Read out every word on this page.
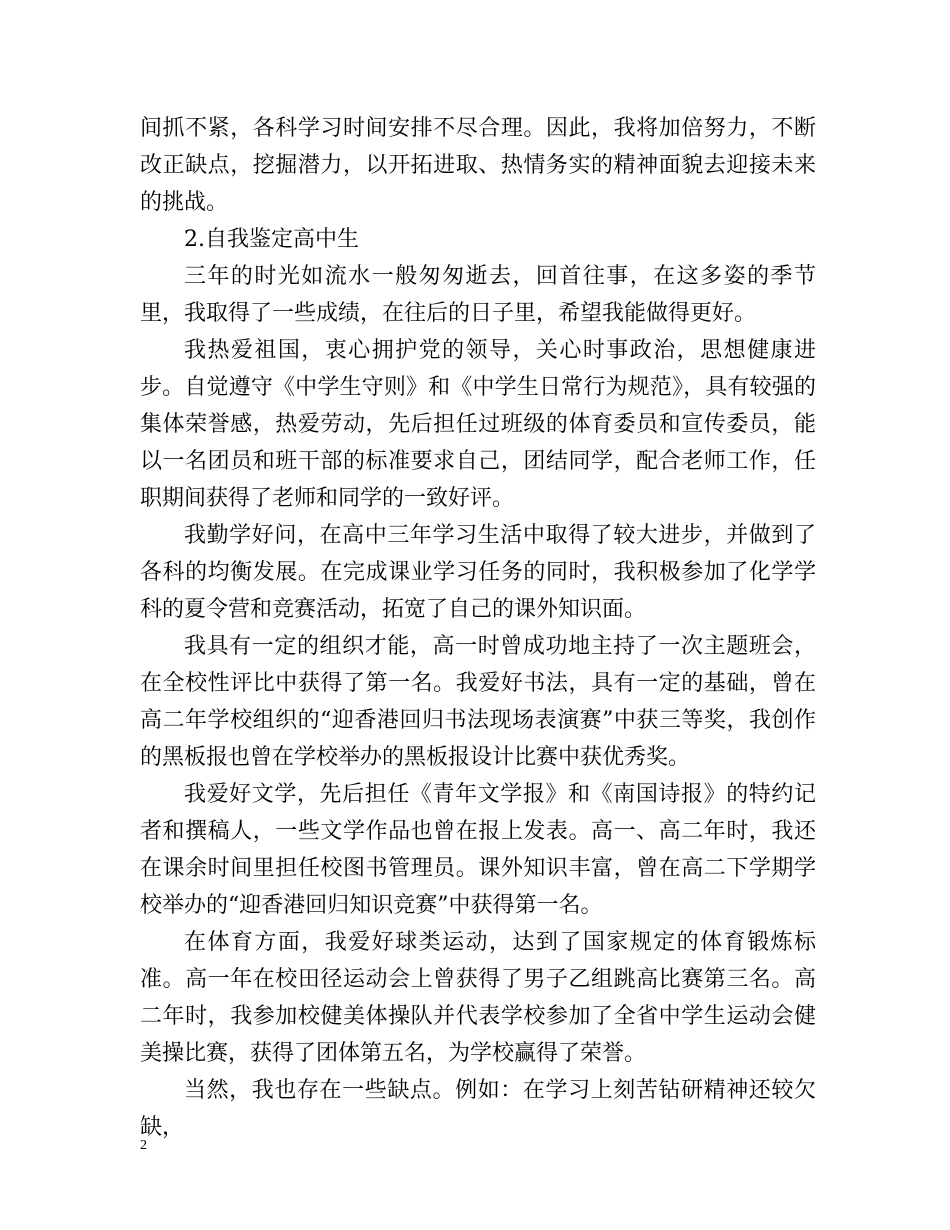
间抓不紧，各科学习时间安排不尽合理。因此，我将加倍努力，不断改正缺点，挖掘潜力，以开拓进取、热情务实的精神面貌去迎接未来的挑战。

2.自我鉴定高中生

三年的时光如流水一般匆匆逝去，回首往事，在这多姿的季节里，我取得了一些成绩，在往后的日子里，希望我能做得更好。

我热爱祖国，衷心拥护党的领导，关心时事政治，思想健康进步。自觉遵守《中学生守则》和《中学生日常行为规范》，具有较强的集体荣誉感，热爱劳动，先后担任过班级的体育委员和宣传委员，能以一名团员和班干部的标准要求自己，团结同学，配合老师工作，任职期间获得了老师和同学的一致好评。

我勤学好问，在高中三年学习生活中取得了较大进步，并做到了各科的均衡发展。在完成课业学习任务的同时，我积极参加了化学学科的夏令营和竞赛活动，拓宽了自己的课外知识面。

我具有一定的组织才能，高一时曾成功地主持了一次主题班会，在全校性评比中获得了第一名。我爱好书法，具有一定的基础，曾在高二年学校组织的“迎香港回归书法现场表演赛”中获三等奖，我创作的黑板报也曾在学校举办的黑板报设计比赛中获优秀奖。

我爱好文学，先后担任《青年文学报》和《南国诗报》的特约记者和撰稿人，一些文学作品也曾在报上发表。高一、高二年时，我还在课余时间里担任校图书管理员。课外知识丰富，曾在高二下学期学校举办的“迎香港回归知识竞赛”中获得第一名。

在体育方面，我爱好球类运动，达到了国家规定的体育锻炼标准。高一年在校田径运动会上曾获得了男子乙组跳高比赛第三名。高二年时，我参加校健美体操队并代表学校参加了全省中学生运动会健美操比赛，获得了团体第五名，为学校赢得了荣誉。

当然，我也存在一些缺点。例如：在学习上刻苦钻研精神还较欠缺，

2
